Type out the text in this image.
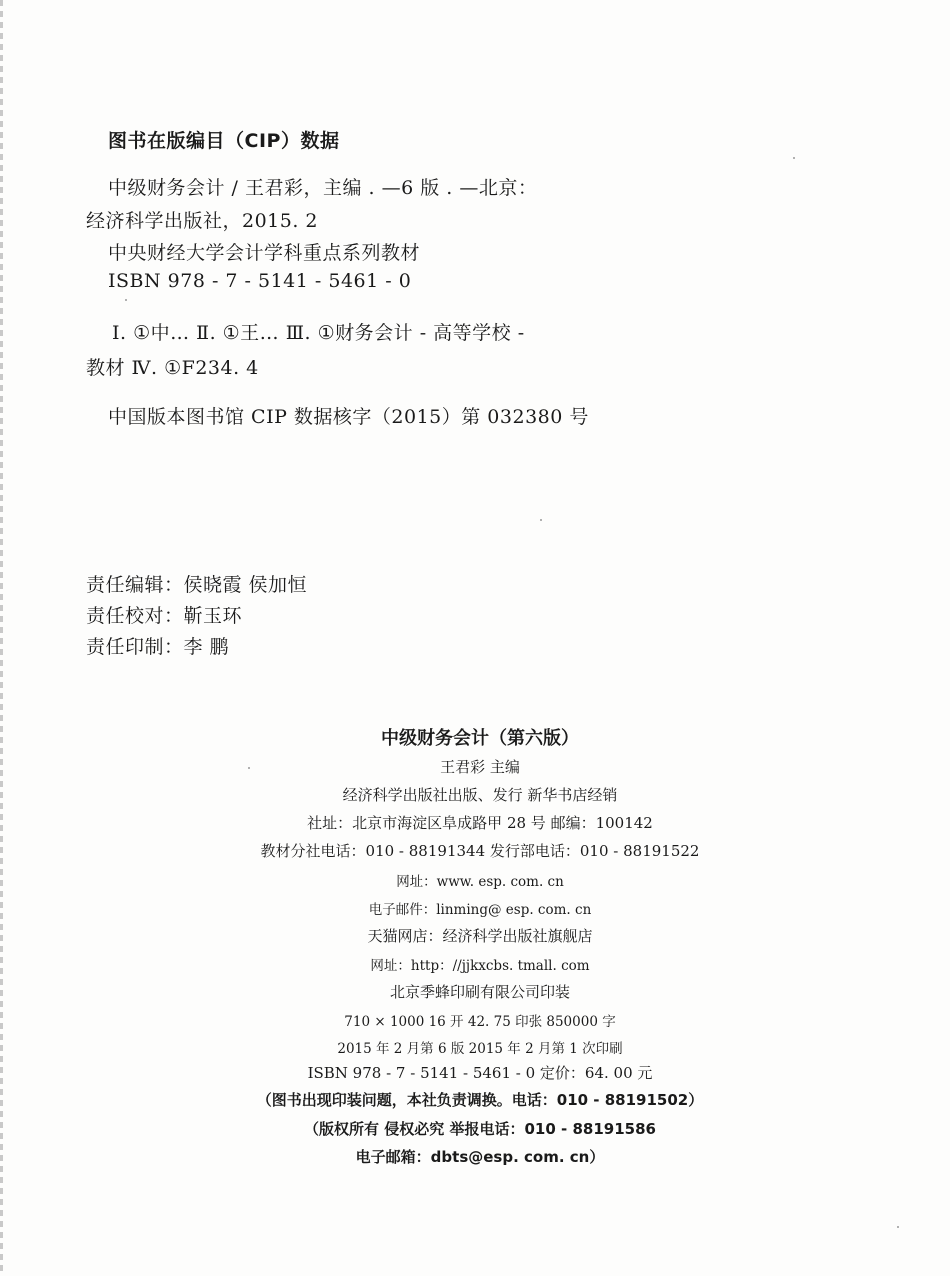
图书在版编目（CIP）数据
中级财务会计 / 王君彩，主编 . —6 版 . —北京：
经济科学出版社，2015. 2
中央财经大学会计学科重点系列教材
ISBN 978 - 7 - 5141 - 5461 - 0
Ⅰ. ①中… Ⅱ. ①王… Ⅲ. ①财务会计 - 高等学校 -
教材 Ⅳ. ①F234. 4
中国版本图书馆 CIP 数据核字（2015）第 032380 号
责任编辑：侯晓霞 侯加恒
责任校对：靳玉环
责任印制：李 鹏
中级财务会计（第六版）
王君彩 主编
经济科学出版社出版、发行 新华书店经销
社址：北京市海淀区阜成路甲 28 号 邮编：100142
教材分社电话：010 - 88191344 发行部电话：010 - 88191522
网址：www. esp. com. cn
电子邮件：linming@ esp. com. cn
天猫网店：经济科学出版社旗舰店
网址：http：//jjkxcbs. tmall. com
北京季蜂印刷有限公司印装
710 × 1000 16 开 42. 75 印张 850000 字
2015 年 2 月第 6 版 2015 年 2 月第 1 次印刷
ISBN 978 - 7 - 5141 - 5461 - 0 定价：64. 00 元
（图书出现印装问题，本社负责调换。电话：010 - 88191502）
（版权所有 侵权必究 举报电话：010 - 88191586
电子邮箱：dbts@esp. com. cn）
